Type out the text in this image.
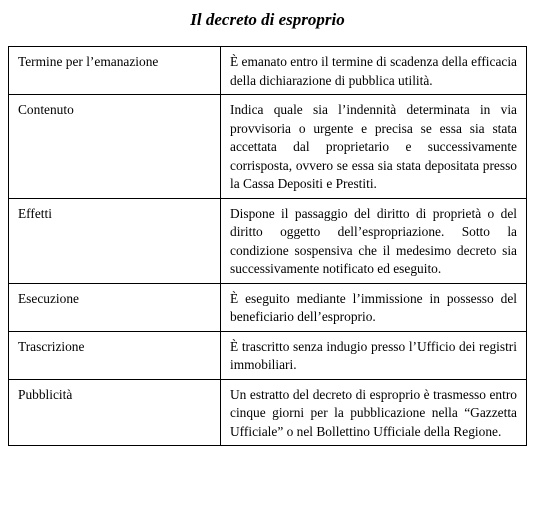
Il decreto di esproprio
Termine per l’emanazione	È emanato entro il termine di scadenza della efficacia della dichiarazione di pubblica utilità.
Contenuto	Indica quale sia l’indennità determinata in via provvisoria o urgente e precisa se essa sia stata accettata dal proprietario e successivamente corrisposta, ovvero se essa sia stata depositata presso la Cassa Depositi e Prestiti.
Effetti	Dispone il passaggio del diritto di proprietà o del diritto oggetto dell’espropriazione. Sotto la condizione sospensiva che il medesimo decreto sia successivamente notificato ed eseguito.
Esecuzione	È eseguito mediante l’immissione in possesso del beneficiario dell’esproprio.
Trascrizione	È trascritto senza indugio presso l’Ufficio dei registri immobiliari.
Pubblicità	Un estratto del decreto di esproprio è trasmesso entro cinque giorni per la pubblicazione nella “Gazzetta Ufficiale” o nel Bollettino Ufficiale della Regione.
